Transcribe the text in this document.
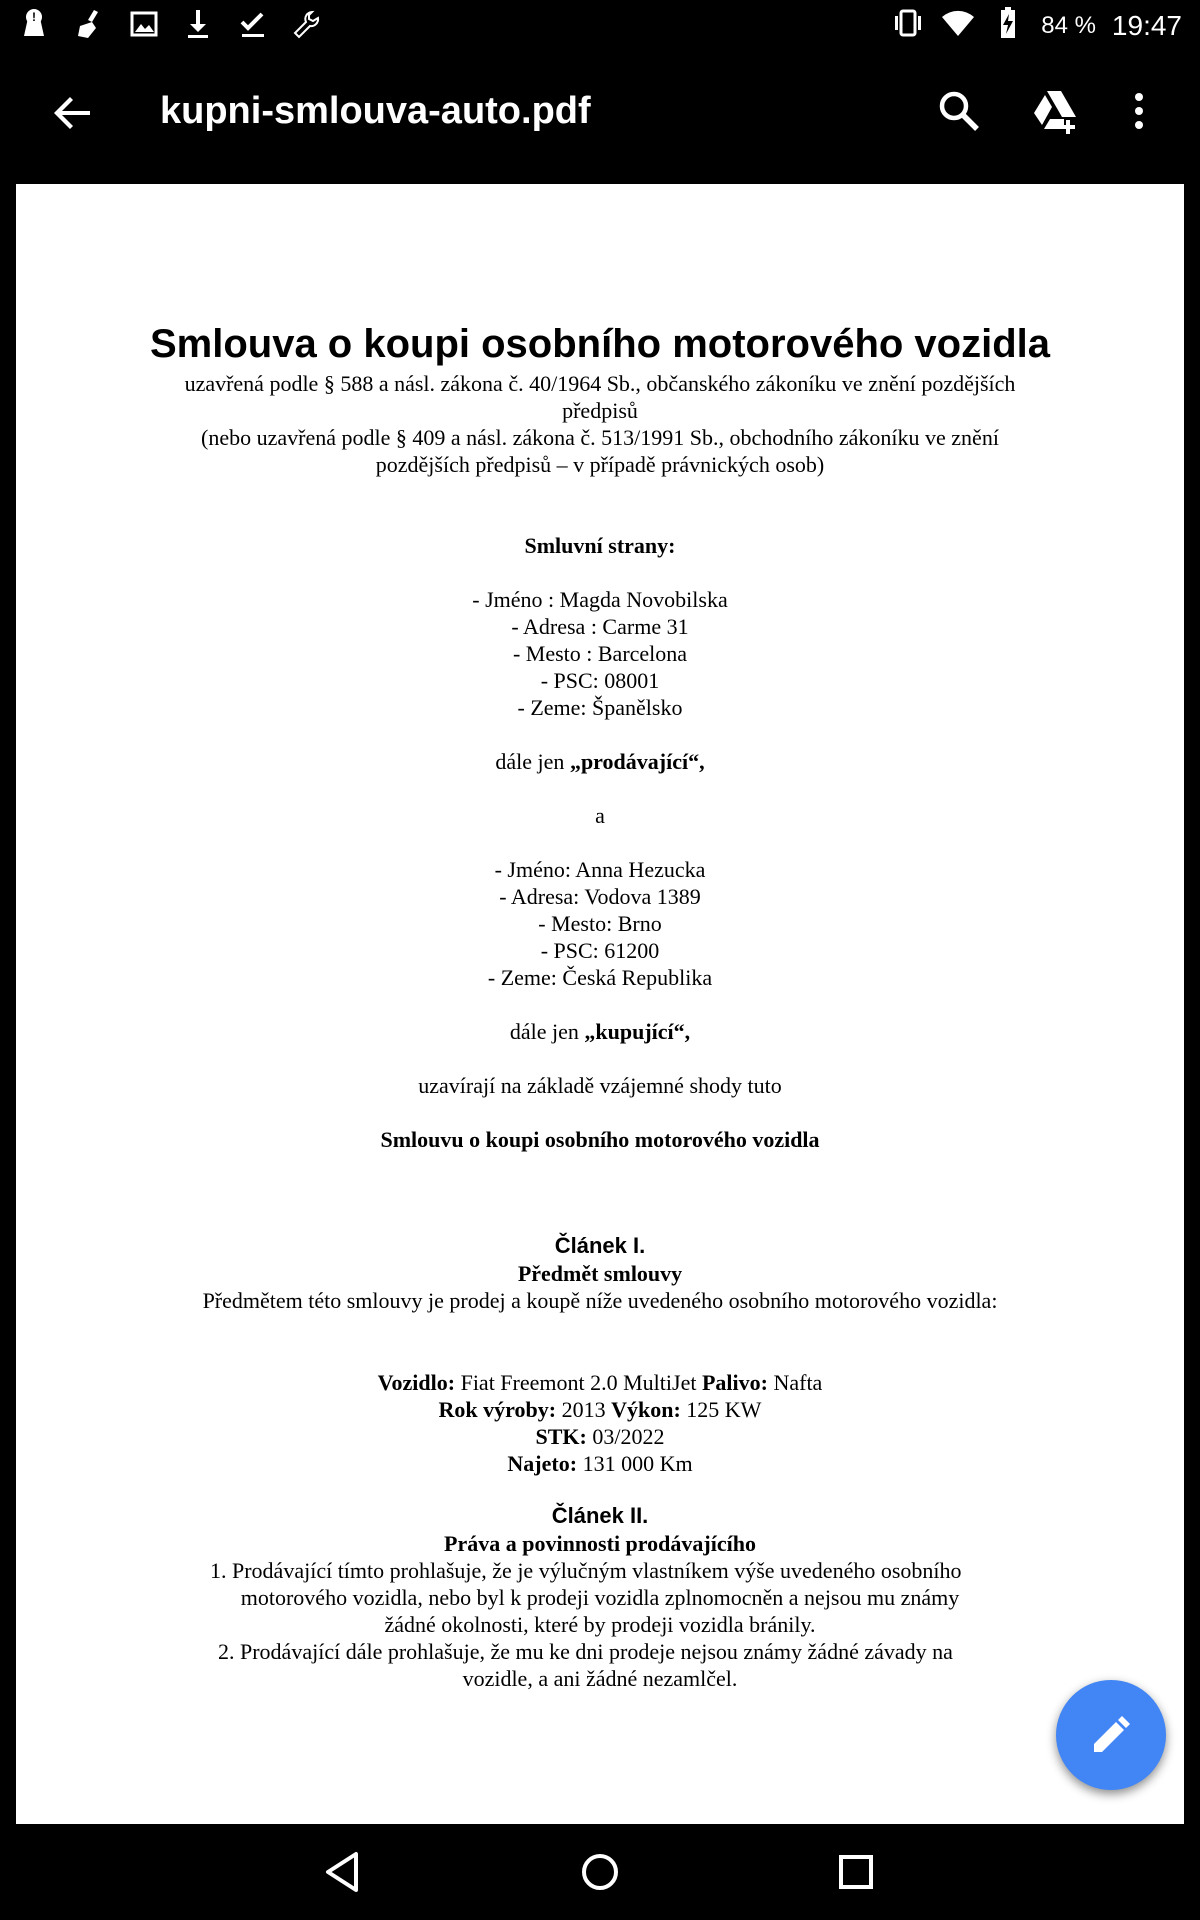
!	84 % 19:47
kupni-smlouva-auto.pdf
Smlouva o koupi osobního motorového vozidla
uzavřená podle § 588 a násl. zákona č. 40/1964 Sb., občanského zákoníku ve znění pozdějších
předpisů
(nebo uzavřená podle § 409 a násl. zákona č. 513/1991 Sb., obchodního zákoníku ve znění
pozdějších předpisů – v případě právnických osob)
Smluvní strany:
- Jméno : Magda Novobilska
- Adresa : Carme 31
- Mesto : Barcelona
- PSC: 08001
- Zeme: Španělsko
dále jen „prodávající“,
a
- Jméno: Anna Hezucka
- Adresa: Vodova 1389
- Mesto: Brno
- PSC: 61200
- Zeme: Česká Republika
dále jen „kupující“,
uzavírají na základě vzájemné shody tuto
Smlouvu o koupi osobního motorového vozidla
Článek I.
Předmět smlouvy
Předmětem této smlouvy je prodej a koupě níže uvedeného osobního motorového vozidla:
Vozidlo: Fiat Freemont 2.0 MultiJet Palivo: Nafta
Rok výroby: 2013 Výkon: 125 KW
STK: 03/2022
Najeto: 131 000 Km
Článek II.
Práva a povinnosti prodávajícího
1. Prodávající tímto prohlašuje, že je výlučným vlastníkem výše uvedeného osobního
motorového vozidla, nebo byl k prodeji vozidla zplnomocněn a nejsou mu známy
žádné okolnosti, které by prodeji vozidla bránily.
2. Prodávající dále prohlašuje, že mu ke dni prodeje nejsou známy žádné závady na
vozidle, a ani žádné nezamlčel.
